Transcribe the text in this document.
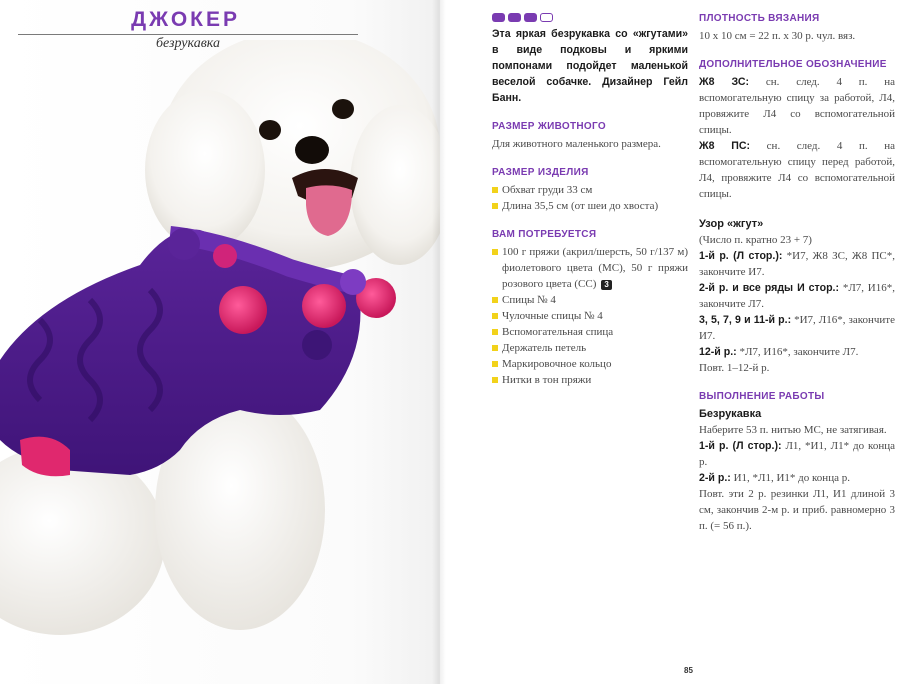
ДЖОКЕР
безрукавка

Эта яркая безрукавка со «жгутами» в виде подковы и яркими помпонами подойдет маленькой веселой собачке. Дизайнер Гейл Банн.

РАЗМЕР ЖИВОТНОГО

Для животного маленького размера.

РАЗМЕР ИЗДЕЛИЯ
Обхват груди 33 см
Длина 35,5 см (от шеи до хвоста)
ВАМ ПОТРЕБУЕТСЯ
100 г пряжи (акрил/шерсть, 50 г/137 м) фиолетового цвета (МС), 50 г пряжи розового цвета (СС) 3
Спицы № 4
Чулочные спицы № 4
Вспомогательная спица
Держатель петель
Маркировочное кольцо
Нитки в тон пряжи
ПЛОТНОСТЬ ВЯЗАНИЯ

10 х 10 см = 22 п. х 30 р. чул. вяз.

ДОПОЛНИТЕЛЬНОЕ ОБОЗНАЧЕНИЕ

Ж8 ЗС: сн. след. 4 п. на вспомогательную спицу за работой, Л4, провяжите Л4 со вспомогательной спицы.

Ж8 ПС: сн. след. 4 п. на вспомогательную спицу перед работой, Л4, провяжите Л4 со вспомогательной спицы.

Узор «жгут»

(Число п. кратно 23 + 7)

1-й р. (Л стор.): *И7, Ж8 ЗС, Ж8 ПС*, закончите И7.

2-й р. и все ряды И стор.: *Л7, И16*, закончите Л7.

3, 5, 7, 9 и 11-й р.: *И7, Л16*, закончите И7.

12-й р.: *Л7, И16*, закончите Л7.

Повт. 1–12-й р.

ВЫПОЛНЕНИЕ РАБОТЫ
Безрукавка

Наберите 53 п. нитью МС, не затягивая.

1-й р. (Л стор.): Л1, *И1, Л1* до конца р.

2-й р.: И1, *Л1, И1* до конца р.

Повт. эти 2 р. резинки Л1, И1 длиной 3 см, закончив 2-м р. и приб. равномерно 3 п. (= 56 п.).

85
